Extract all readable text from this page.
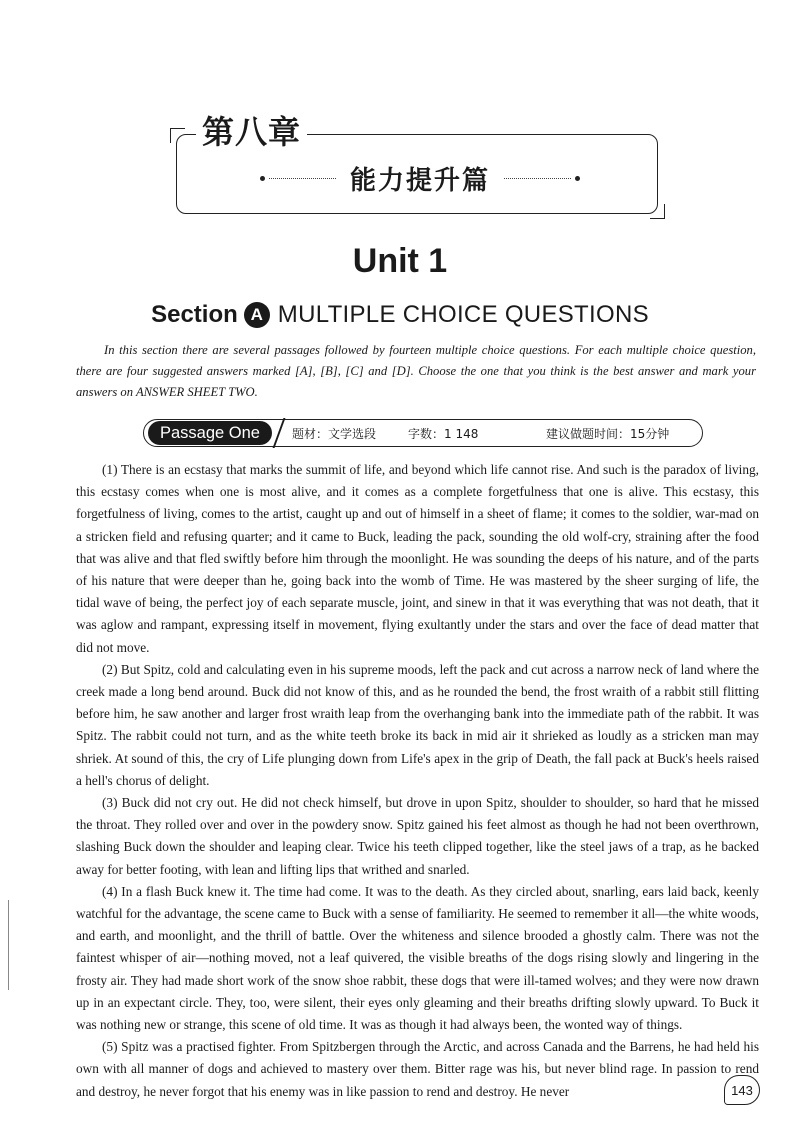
第八章
能力提升篇
Unit 1
Section A MULTIPLE CHOICE QUESTIONS
In this section there are several passages followed by fourteen multiple choice questions. For each multiple choice question, there are four suggested answers marked [A], [B], [C] and [D]. Choose the one that you think is the best answer and mark your answers on ANSWER SHEET TWO.
Passage One	题材：文学选段	字数：1 148	建议做题时间：15分钟

(1) There is an ecstasy that marks the summit of life, and beyond which life cannot rise. And such is the paradox of living, this ecstasy comes when one is most alive, and it comes as a complete forgetfulness that one is alive. This ecstasy, this forgetfulness of living, comes to the artist, caught up and out of himself in a sheet of flame; it comes to the soldier, war-mad on a stricken field and refusing quarter; and it came to Buck, leading the pack, sounding the old wolf-cry, straining after the food that was alive and that fled swiftly before him through the moonlight. He was sounding the deeps of his nature, and of the parts of his nature that were deeper than he, going back into the womb of Time. He was mastered by the sheer surging of life, the tidal wave of being, the perfect joy of each separate muscle, joint, and sinew in that it was everything that was not death, that it was aglow and rampant, expressing itself in movement, flying exultantly under the stars and over the face of dead matter that did not move.

(2) But Spitz, cold and calculating even in his supreme moods, left the pack and cut across a narrow neck of land where the creek made a long bend around. Buck did not know of this, and as he rounded the bend, the frost wraith of a rabbit still flitting before him, he saw another and larger frost wraith leap from the overhanging bank into the immediate path of the rabbit. It was Spitz. The rabbit could not turn, and as the white teeth broke its back in mid air it shrieked as loudly as a stricken man may shriek. At sound of this, the cry of Life plunging down from Life's apex in the grip of Death, the fall pack at Buck's heels raised a hell's chorus of delight.

(3) Buck did not cry out. He did not check himself, but drove in upon Spitz, shoulder to shoulder, so hard that he missed the throat. They rolled over and over in the powdery snow. Spitz gained his feet almost as though he had not been overthrown, slashing Buck down the shoulder and leaping clear. Twice his teeth clipped together, like the steel jaws of a trap, as he backed away for better footing, with lean and lifting lips that writhed and snarled.

(4) In a flash Buck knew it. The time had come. It was to the death. As they circled about, snarling, ears laid back, keenly watchful for the advantage, the scene came to Buck with a sense of familiarity. He seemed to remember it all—the white woods, and earth, and moonlight, and the thrill of battle. Over the whiteness and silence brooded a ghostly calm. There was not the faintest whisper of air—nothing moved, not a leaf quivered, the visible breaths of the dogs rising slowly and lingering in the frosty air. They had made short work of the snow shoe rabbit, these dogs that were ill-tamed wolves; and they were now drawn up in an expectant circle. They, too, were silent, their eyes only gleaming and their breaths drifting slowly upward. To Buck it was nothing new or strange, this scene of old time. It was as though it had always been, the wonted way of things.

(5) Spitz was a practised fighter. From Spitzbergen through the Arctic, and across Canada and the Barrens, he had held his own with all manner of dogs and achieved to mastery over them. Bitter rage was his, but never blind rage. In passion to rend and destroy, he never forgot that his enemy was in like passion to rend and destroy. He never	143
